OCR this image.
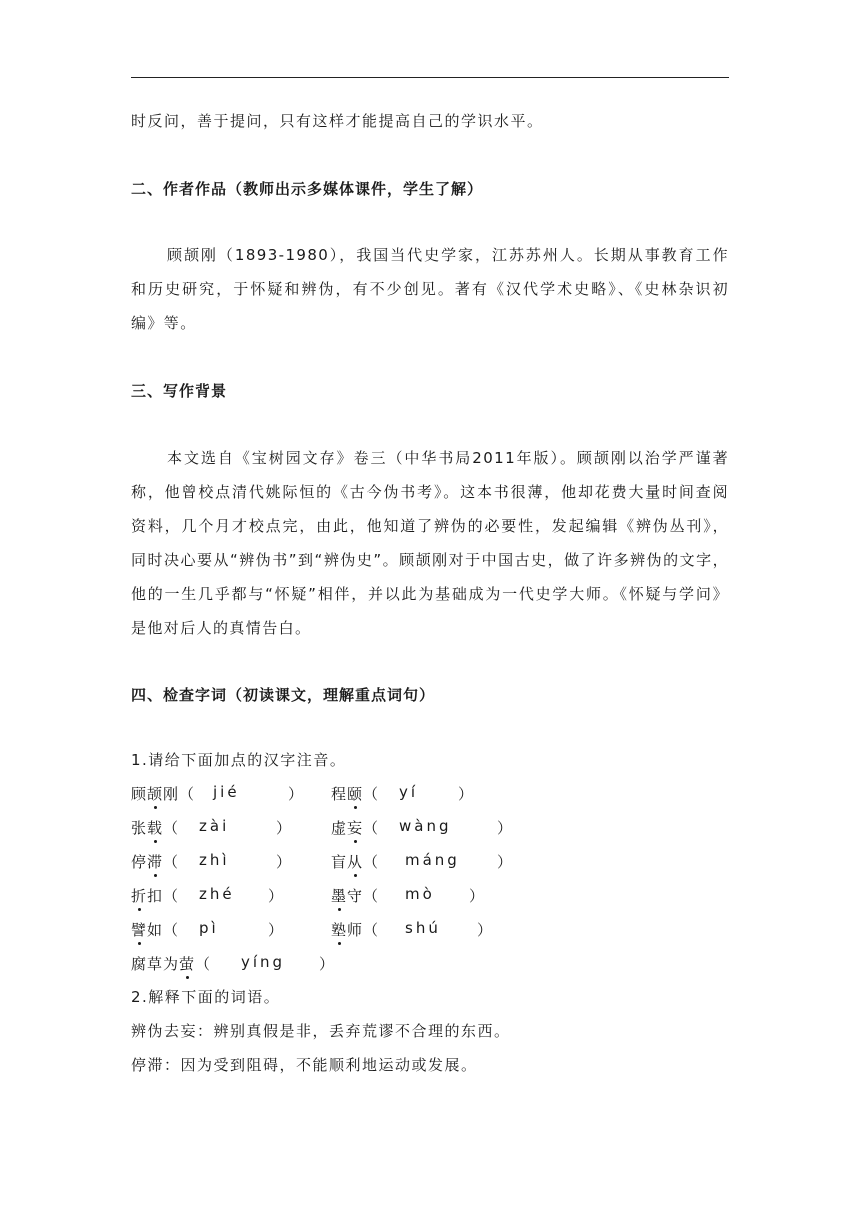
时反问，善于提问，只有这样才能提高自己的学识水平。
二、作者作品（教师出示多媒体课件，学生了解）
顾颉刚（1893-1980），我国当代史学家，江苏苏州人。长期从事教育工作和历史研究，于怀疑和辨伪，有不少创见。著有《汉代学术史略》、《史林杂识初编》等。
三、写作背景
本文选自《宝树园文存》卷三（中华书局2011年版）。顾颉刚以治学严谨著称，他曾校点清代姚际恒的《古今伪书考》。这本书很薄，他却花费大量时间查阅资料，几个月才校点完，由此，他知道了辨伪的必要性，发起编辑《辨伪丛刊》，同时决心要从“辨伪书”到“辨伪史”。顾颉刚对于中国古史，做了许多辨伪的文字，他的一生几乎都与“怀疑”相伴，并以此为基础成为一代史学大师。《怀疑与学问》是他对后人的真情告白。
四、检查字词（初读课文，理解重点词句）
1.请给下面加点的汉字注音。
顾颉刚（ jié	） 程颐（ yí	）
张载（ zài	）	虚妄（ wàng	）
停滞（ zhì	）	盲从（ máng ）
折扣（ zhé ）	墨守（ mò ）
譬如（ pì	）	塾师（ shú ）
腐草为萤（ yíng ）
2.解释下面的词语。
辨伪去妄：辨别真假是非，丢弃荒谬不合理的东西。
停滞：因为受到阻碍，不能顺利地运动或发展。
